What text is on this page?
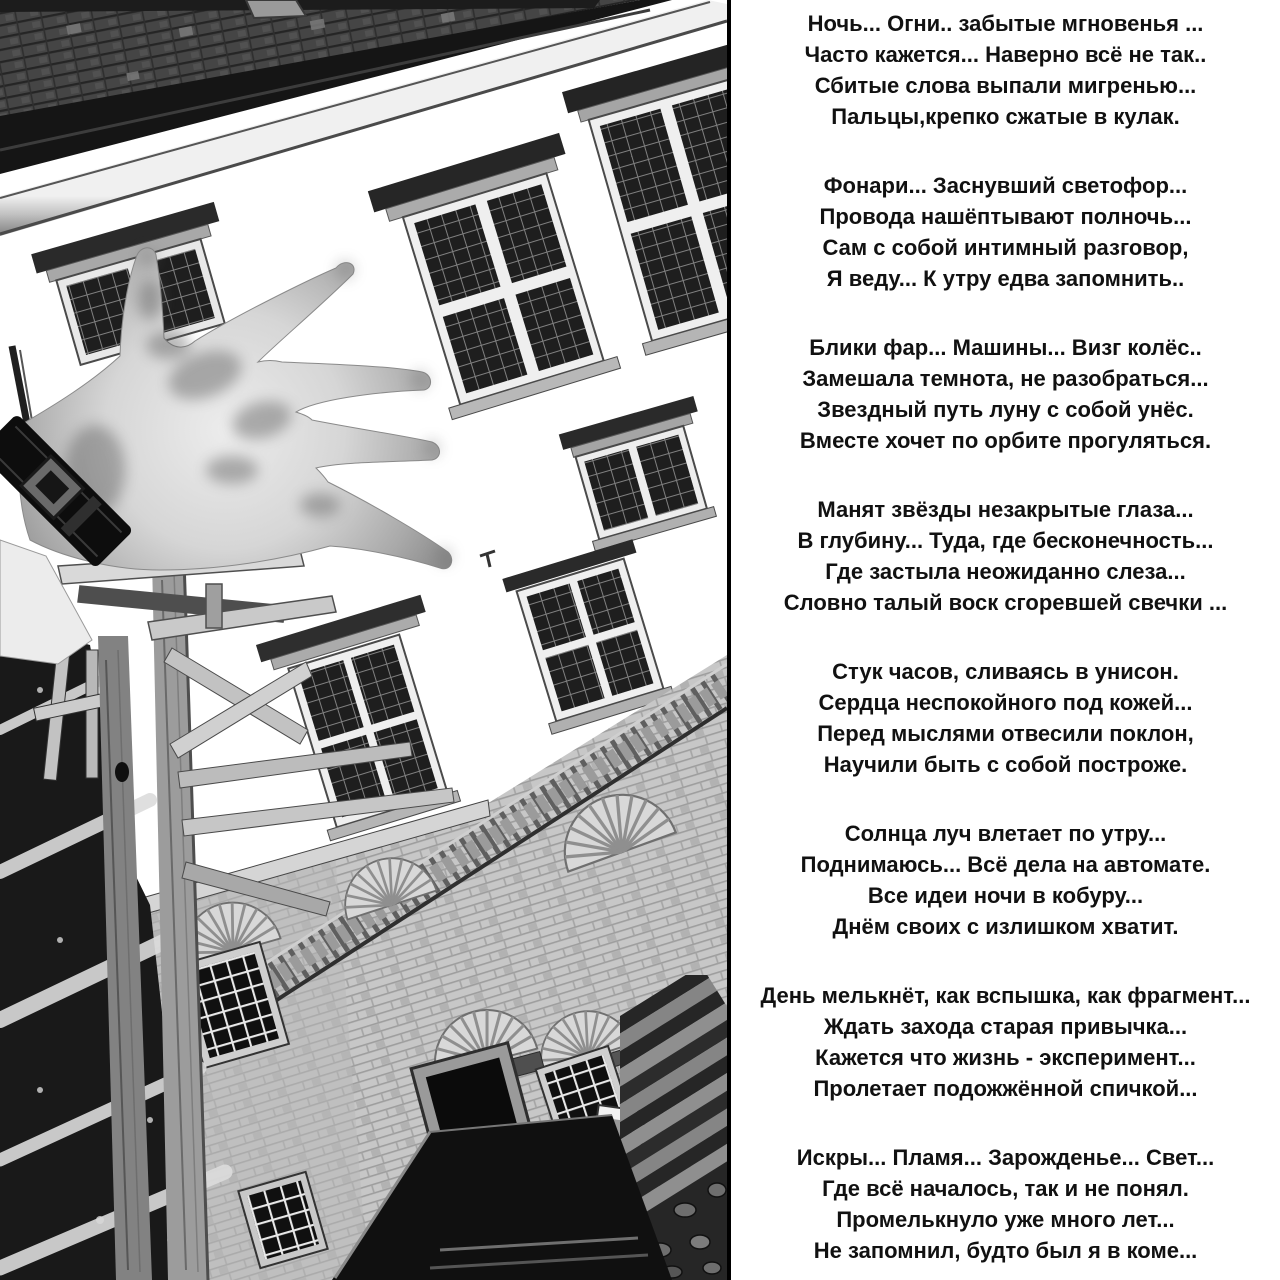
Ночь... Огни.. забытые мгновенья ...
Часто кажется... Наверно всё не так..
Сбитые слова выпали мигренью...
Пальцы,крепко сжатые в кулак.
Фонари... Заснувший светофор...
Провода нашёптывают полночь...
Сам с собой интимный разговор,
Я веду... К утру едва запомнить..
Блики фар... Машины... Визг колёс..
Замешала темнота, не разобраться...
Звездный путь луну с собой унёс.
Вместе хочет по орбите прогуляться.
Манят звёзды незакрытые глаза...
В глубину... Туда, где бесконечность...
Где застыла неожиданно слеза...
Словно талый воск сгоревшей свечки ...
Стук часов, сливаясь в унисон.
Сердца неспокойного под кожей...
Перед мыслями отвесили поклон,
Научили быть с собой построже.
Солнца луч влетает по утру...
Поднимаюсь... Всё дела на автомате.
Все идеи ночи в кобуру...
Днём своих с излишком хватит.
День мелькнёт, как вспышка, как фрагмент...
Ждать захода старая привычка...
Кажется что жизнь - эксперимент...
Пролетает подожжённой спичкой...
Искры... Пламя... Зарожденье... Свет...
Где всё началось, так и не понял.
Промелькнуло уже много лет...
Не запомнил, будто был я в коме...
